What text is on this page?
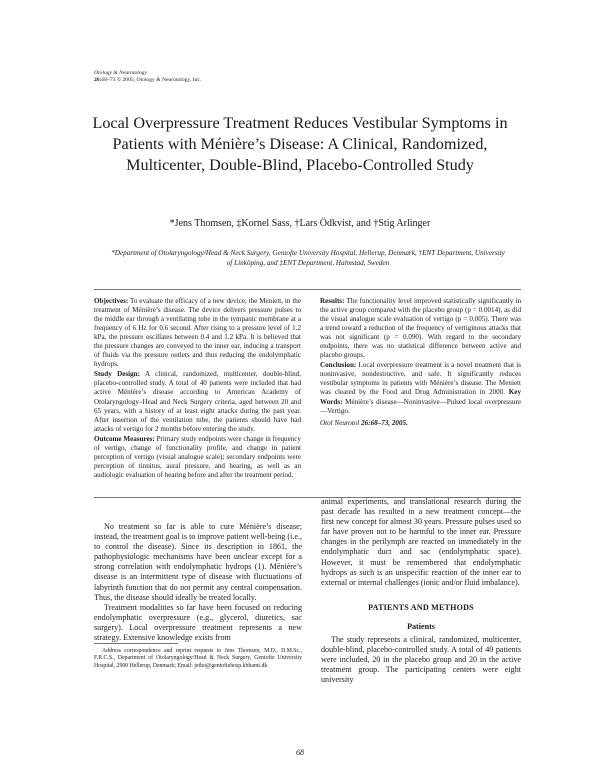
Otology & Neurotology
26:68–73 © 2005, Otology & Neurotology, Inc.
Local Overpressure Treatment Reduces Vestibular Symptoms in Patients with Ménière’s Disease: A Clinical, Randomized, Multicenter, Double-Blind, Placebo-Controlled Study
*Jens Thomsen, ‡Kornel Sass, †Lars Ödkvist, and †Stig Arlinger
*Department of Otolaryngology/Head & Neck Surgery, Gentofte University Hospital, Hellerup, Denmark, †ENT Department, University of Linköping, and ‡ENT Department, Halmstad, Sweden

Objectives: To evaluate the efficacy of a new device, the Meniett, in the treatment of Ménière’s disease. The device delivers pressure pulses to the middle ear through a ventilating tube in the tympanic membrane at a frequency of 6 Hz for 0.6 second. After rising to a pressure level of 1.2 kPa, the pressure oscillates between 0.4 and 1.2 kPa. It is believed that the pressure changes are conveyed to the inner ear, inducing a transport of fluids via the pressure outlets and thus reducing the endolymphatic hydrops.

Study Design: A clinical, randomized, multicenter, double-blind, placebo-controlled study. A total of 40 patients were included that had active Ménière’s disease according to American Academy of Otolaryngology–Head and Neck Surgery criteria, aged between 20 and 65 years, with a history of at least eight attacks during the past year. After insertion of the ventilation tube, the patients should have had attacks of vertigo for 2 months before entering the study.

Outcome Measures: Primary study endpoints were change in frequency of vertigo, change of functionality profile, and change in patient perception of vertigo (visual analogue scale); secondary endpoints were perception of tinnitus, aural pressure, and hearing, as well as an audiologic evaluation of hearing before and after the treatment period.

Results: The functionality level improved statistically significantly in the active group compared with the placebo group (p = 0.0014), as did the visual analogue scale evaluation of vertigo (p = 0.005). There was a trend toward a reduction of the frequency of vertiginous attacks that was not significant (p = 0.090). With regard to the secondary endpoints, there was no statistical difference between active and placebo groups.

Conclusion: Local overpressure treatment is a novel treatment that is noninvasive, nondestructive, and safe. It significantly reduces vestibular symptoms in patients with Ménière’s disease. The Meniett was cleared by the Food and Drug Administration in 2000. Key Words: Ménière’s disease—Noninvasive—Pulsed local overpressure—Vertigo.

Otol Neurotol 26:68–73, 2005.

No treatment so far is able to cure Ménière’s disease; instead, the treatment goal is to improve patient well-being (i.e., to control the disease). Since its description in 1861, the pathophysiologic mechanisms have been unclear except for a strong correlation with endolymphatic hydrops (1). Ménière’s disease is an intermittent type of disease with fluctuations of labyrinth function that do not permit any central compensation. Thus, the disease should ideally be treated locally.

Treatment modalities so far have been focused on reducing endolymphatic overpressure (e.g., glycerol, diuretics, sac surgery). Local overpressure treatment represents a new strategy. Extensive knowledge exists from

animal experiments, and translational research during the past decade has resulted in a new treatment concept—the first new concept for almost 30 years. Pressure pulses used so far have proven not to be harmful to the inner ear. Pressure changes in the perilymph are reacted on immediately in the endolymphatic duct and sac (endolymphatic space). However, it must be remembered that endolymphatic hydrops as such is an unspecific reaction of the inner ear to external or internal challenges (ionic and/or fluid imbalance).

PATIENTS AND METHODS
Patients

The study represents a clinical, randomized, multicenter, double-blind, placebo-controlled study. A total of 40 patients were included, 20 in the placebo group and 20 in the active treatment group. The participating centers were eight university

Address correspondence and reprint requests to Jens Thomsen, M.D., D.M.Sc., F.R.C.S., Department of Otolaryngology/Head & Neck Surgery, Gentofte University Hospital, 2900 Hellerup, Denmark; Email: jetho@gentoftehosp.kbhamt.dk

68
